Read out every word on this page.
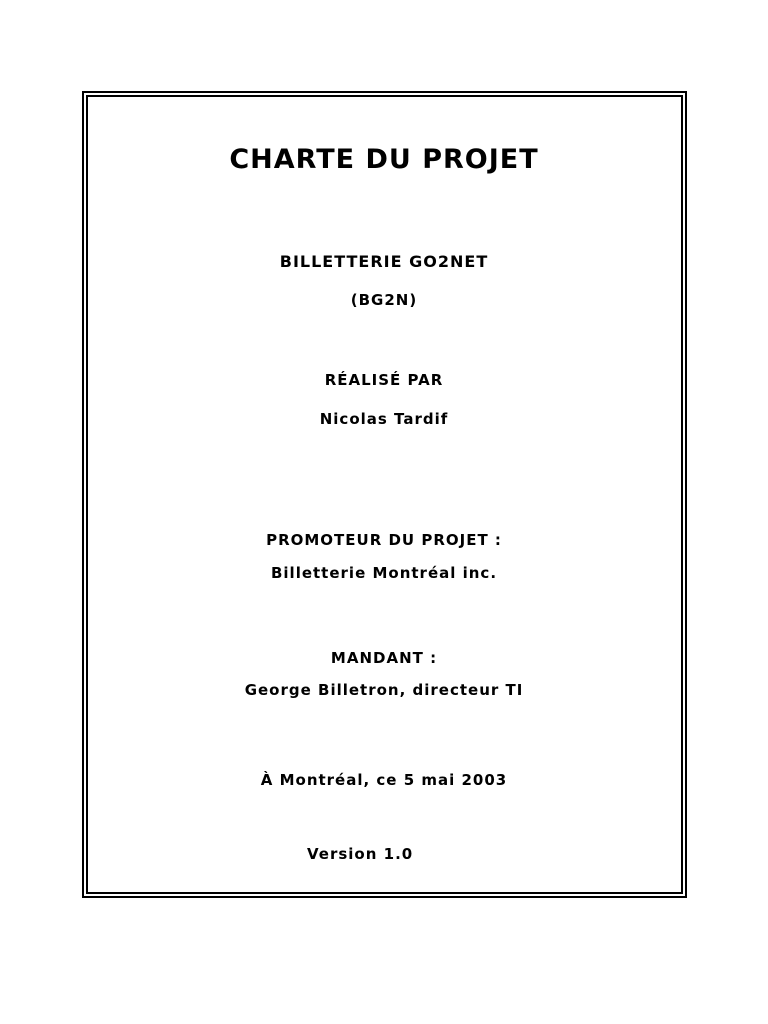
CHARTE DU PROJET
BILLETTERIE GO2NET
(BG2N)
RÉALISÉ PAR
Nicolas Tardif
PROMOTEUR DU PROJET :
Billetterie Montréal inc.
MANDANT :
George Billetron, directeur TI
À Montréal, ce 5 mai 2003
Version 1.0
